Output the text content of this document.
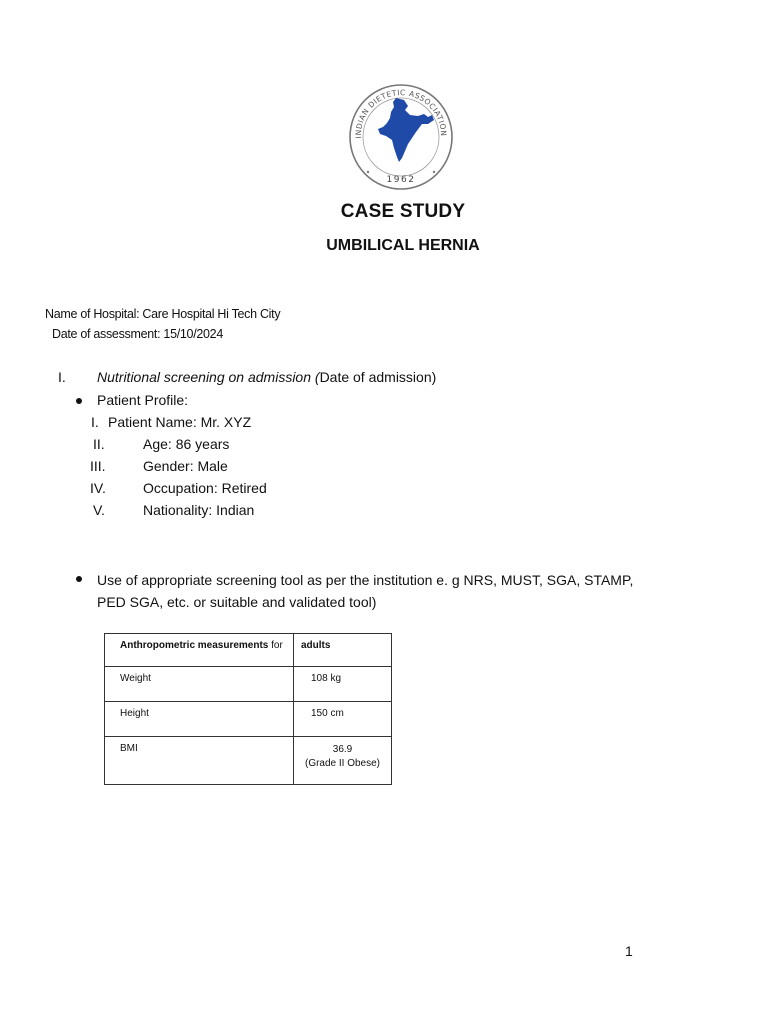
INDIAN DIETETIC ASSOCIATION
1962
CASE STUDY
UMBILICAL HERNIA
Name of Hospital: Care Hospital Hi Tech City
Date of assessment: 15/10/2024
I. Nutritional screening on admission (Date of admission)
Patient Profile:
I. Patient Name: Mr. XYZ
II.	Age: 86 years
III.	Gender: Male
IV.	Occupation: Retired
V.	Nationality: Indian
Use of appropriate screening tool as per the institution e. g NRS, MUST, SGA, STAMP,
PED SGA, etc. or suitable and validated tool)
Anthropometric measurements for	adults
Weight	108 kg
Height	150 cm
BMI	36.9
(Grade II Obese)
1
